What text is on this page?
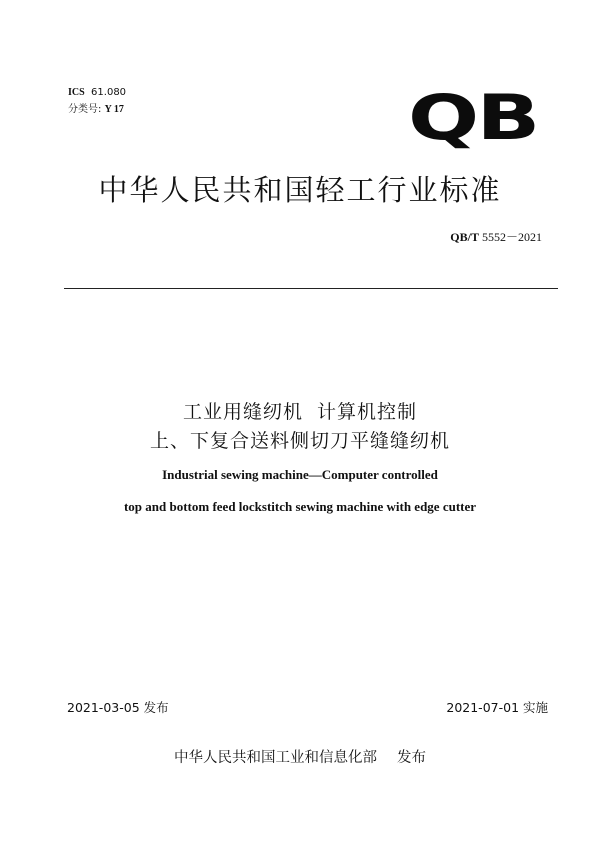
ICS 61.080
分类号: Y 17	QB
中华人民共和国轻工行业标准
QB/T 5552－2021
工业用缝纫机  计算机控制
上、下复合送料侧切刀平缝缝纫机
Industrial sewing machine—Computer controlled
top and bottom feed lockstitch sewing machine with edge cutter
2021-03-05 发布	2021-07-01 实施
中华人民共和国工业和信息化部 发布
